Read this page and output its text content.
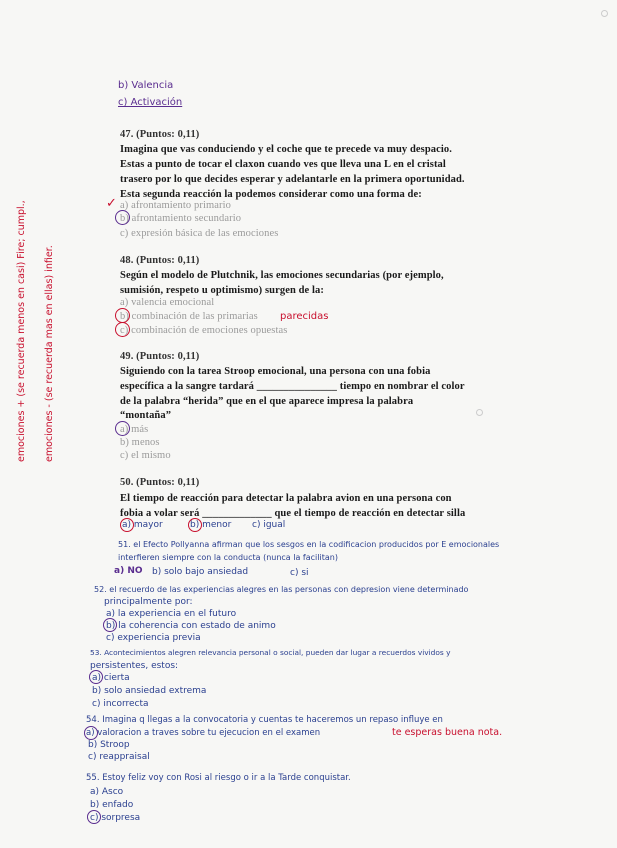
b) Valencia
c) Activación
emociones + (se recuerda menos en casi) Fire; cumpl., emociones - (se recuerda mas en ellas) infier.
47. (Puntos: 0,11)
Imagina que vas conduciendo y el coche que te precede va muy despacio.
Estas a punto de tocar el claxon cuando ves que lleva una L en el cristal
trasero por lo que decides esperar y adelantarle en la primera oportunidad.
Esta segunda reacción la podemos considerar como una forma de:
a) afrontamiento primario
b) afrontamiento secundario
c) expresión básica de las emociones
✓
48. (Puntos: 0,11)
Según el modelo de Plutchnik, las emociones secundarias (por ejemplo,
sumisión, respeto u optimismo) surgen de la:
a) valencia emocional
b) combinación de las primarias
c) combinación de emociones opuestas
parecidas
49. (Puntos: 0,11)
Siguiendo con la tarea Stroop emocional, una persona con una fobia
específica a la sangre tardará _______________ tiempo en nombrar el color
de la palabra “herida” que en el que aparece impresa la palabra
“montaña”
a) más
b) menos
c) el mismo
50. (Puntos: 0,11)
El tiempo de reacción para detectar la palabra avion en una persona con
fobia a volar será _____________ que el tiempo de reacción en detectar silla
a) mayor	b) menor c) igual
51. el Efecto Pollyanna afirman que los sesgos en la codificacion producidos por E emocionales
interfieren siempre con la conducta (nunca la facilitan)
a) NO b) solo bajo ansiedad	c) si
52. el recuerdo de las experiencias alegres en las personas con depresion viene determinado
principalmente por:
a) la experiencia en el futuro
b) la coherencia con estado de animo
c) experiencia previa
53. Acontecimientos alegren relevancia personal o social, pueden dar lugar a recuerdos vividos y
persistentes, estos:
a) cierta
b) solo ansiedad extrema
c) incorrecta
54. Imagina q llegas a la convocatoria y cuentas te haceremos un repaso influye en
a) valoracion a traves sobre tu ejecucion en el examen	te esperas buena nota.
b) Stroop
c) reappraisal
55. Estoy feliz voy con Rosi al riesgo o ir a la Tarde conquistar.
a) Asco
b) enfado
c) sorpresa
